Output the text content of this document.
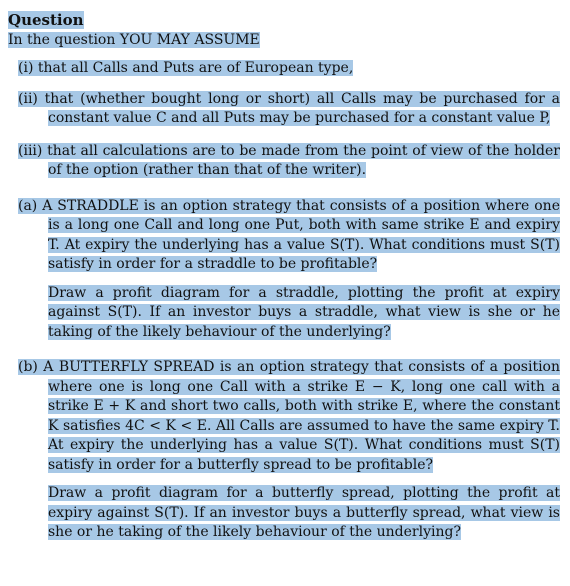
Question
In the question YOU MAY ASSUME
(i) that all Calls and Puts are of European type,
(ii) that (whether bought long or short) all Calls may be purchased for a constant value C and all Puts may be purchased for a constant value P,
(iii) that all calculations are to be made from the point of view of the holder of the option (rather than that of the writer).
(a) A STRADDLE is an option strategy that consists of a position where one is a long one Call and long one Put, both with same strike E and expiry T. At expiry the underlying has a value S(T). What conditions must S(T) satisfy in order for a straddle to be profitable?
Draw a profit diagram for a straddle, plotting the profit at expiry against S(T). If an investor buys a straddle, what view is she or he taking of the likely behaviour of the underlying?
(b) A BUTTERFLY SPREAD is an option strategy that consists of a position where one is long one Call with a strike E − K, long one call with a strike E + K and short two calls, both with strike E, where the constant K satisfies 4C < K < E. All Calls are assumed to have the same expiry T. At expiry the underlying has a value S(T). What conditions must S(T) satisfy in order for a butterfly spread to be profitable?
Draw a profit diagram for a butterfly spread, plotting the profit at expiry against S(T). If an investor buys a butterfly spread, what view is she or he taking of the likely behaviour of the underlying?
